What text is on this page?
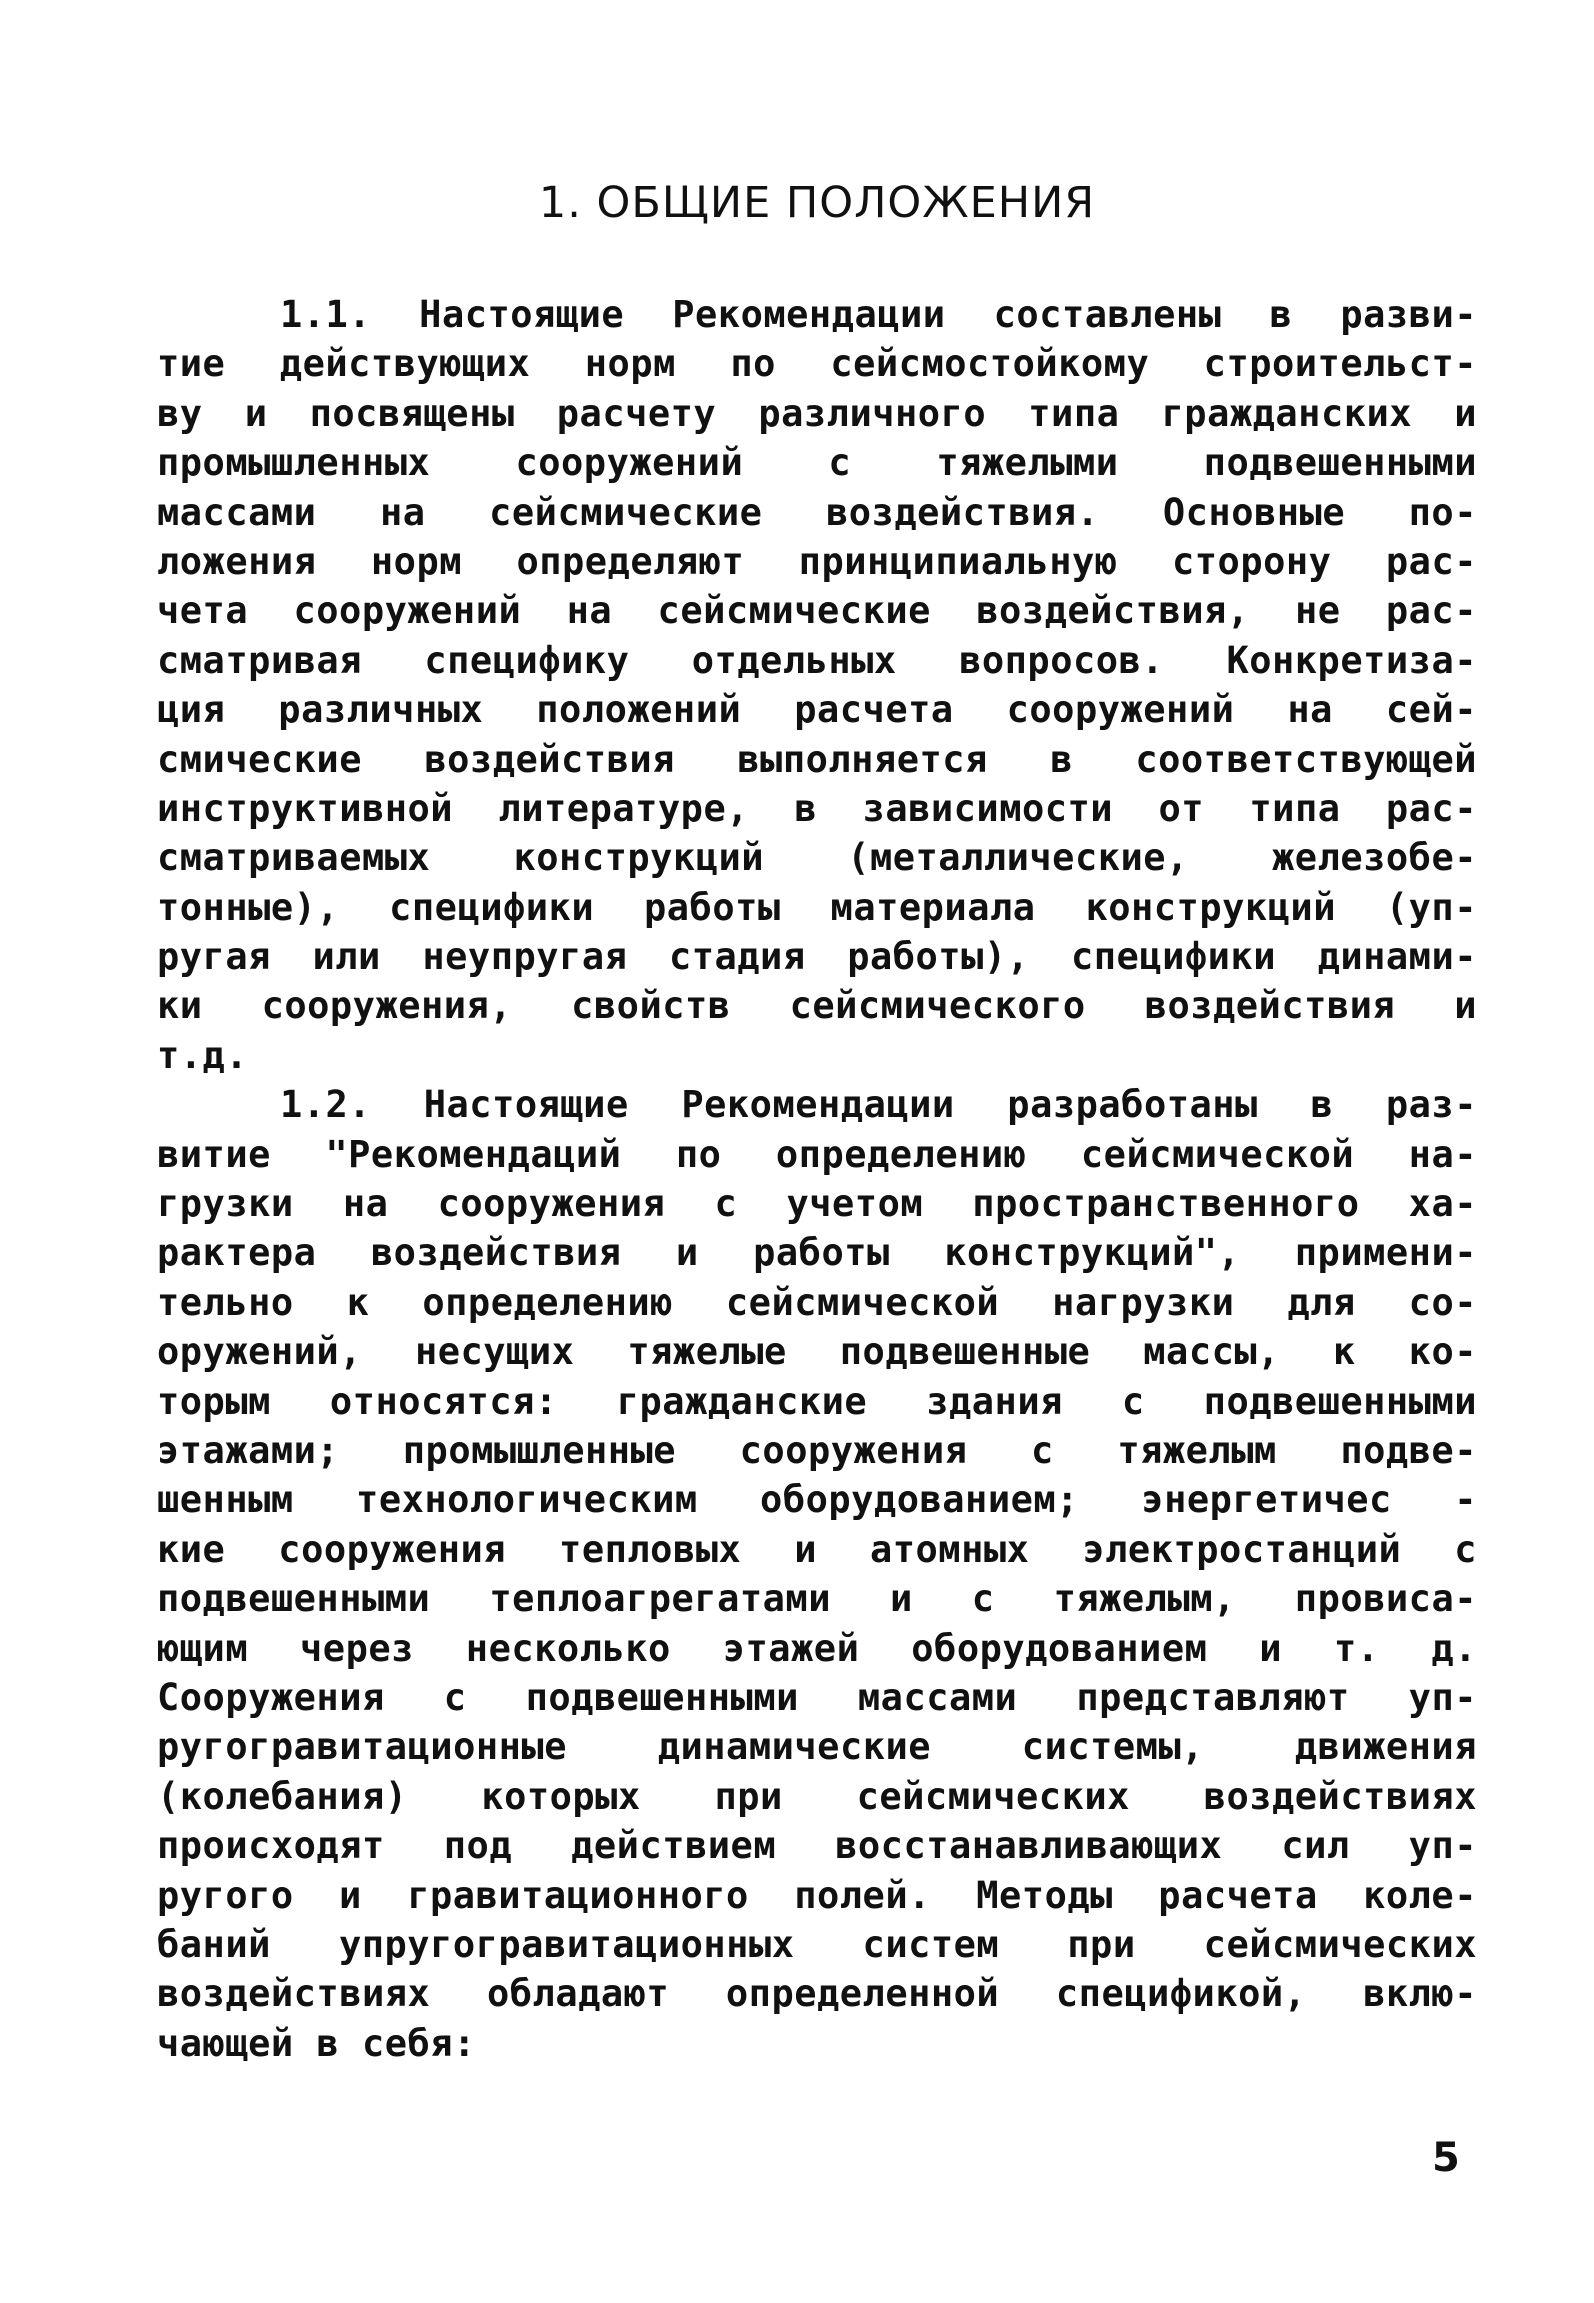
1. ОБЩИЕ ПОЛОЖЕНИЯ
1.1. Настоящие Рекомендации составлены в разви-
тие действующих норм по сейсмостойкому строительст-
ву и посвящены расчету различного типа гражданских и
промышленных сооружений с тяжелыми подвешенными
массами на сейсмические воздействия. Основные по-
ложения норм определяют принципиальную сторону рас-
чета сооружений на сейсмические воздействия, не рас-
сматривая специфику отдельных вопросов. Конкретиза-
ция различных положений расчета сооружений на сей-
смические воздействия выполняется в соответствующей
инструктивной литературе, в зависимости от типа рас-
сматриваемых конструкций (металлические, железобе-
тонные), специфики работы материала конструкций (уп-
ругая или неупругая стадия работы), специфики динами-
ки сооружения, свойств сейсмического воздействия и
т.д.
1.2. Настоящие Рекомендации разработаны в раз-
витие "Рекомендаций по определению сейсмической на-
грузки на сооружения с учетом пространственного ха-
рактера воздействия и работы конструкций", примени-
тельно к определению сейсмической нагрузки для со-
оружений, несущих тяжелые подвешенные массы, к ко-
торым относятся: гражданские здания с подвешенными
этажами; промышленные сооружения с тяжелым подве-
шенным технологическим оборудованием; энергетичес -
кие сооружения тепловых и атомных электростанций с
подвешенными теплоагрегатами и с тяжелым, провиса-
ющим через несколько этажей оборудованием и т. д.
Сооружения с подвешенными массами представляют уп-
ругогравитационные динамические системы, движения
(колебания) которых при сейсмических воздействиях
происходят под действием восстанавливающих сил уп-
ругого и гравитационного полей. Методы расчета коле-
баний упругогравитационных систем при сейсмических
воздействиях обладают определенной спецификой, вклю-
чающей в себя:
5
